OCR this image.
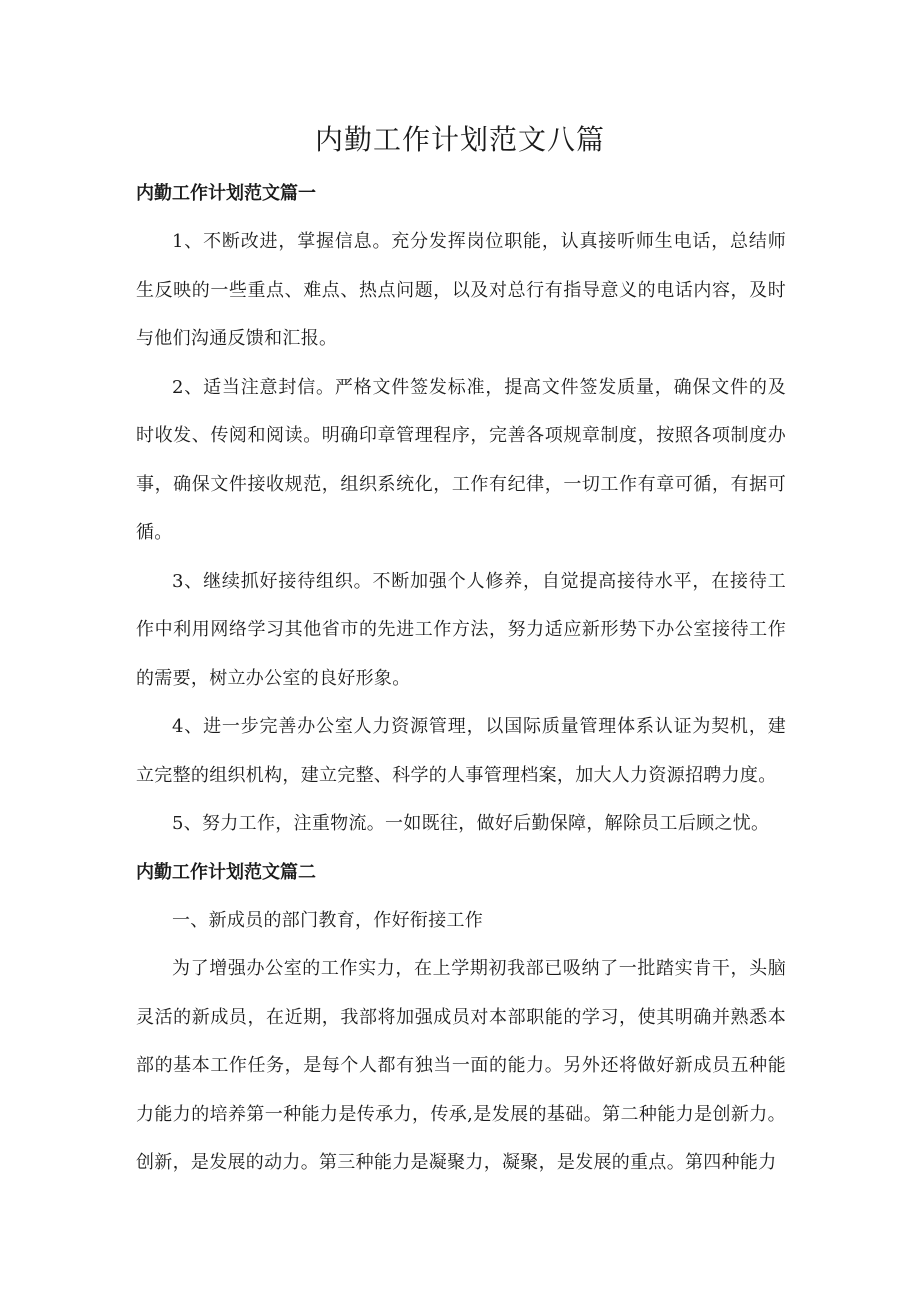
内勤工作计划范文八篇
内勤工作计划范文篇一

1、不断改进，掌握信息。充分发挥岗位职能，认真接听师生电话，总结师生反映的一些重点、难点、热点问题，以及对总行有指导意义的电话内容，及时与他们沟通反馈和汇报。

2、适当注意封信。严格文件签发标准，提高文件签发质量，确保文件的及时收发、传阅和阅读。明确印章管理程序，完善各项规章制度，按照各项制度办事，确保文件接收规范，组织系统化，工作有纪律，一切工作有章可循，有据可循。

3、继续抓好接待组织。不断加强个人修养，自觉提高接待水平，在接待工作中利用网络学习其他省市的先进工作方法，努力适应新形势下办公室接待工作的需要，树立办公室的良好形象。

4、进一步完善办公室人力资源管理，以国际质量管理体系认证为契机，建立完整的组织机构，建立完整、科学的人事管理档案，加大人力资源招聘力度。

5、努力工作，注重物流。一如既往，做好后勤保障，解除员工后顾之忧。

内勤工作计划范文篇二

一、新成员的部门教育，作好衔接工作

为了增强办公室的工作实力，在上学期初我部已吸纳了一批踏实肯干，头脑灵活的新成员，在近期，我部将加强成员对本部职能的学习，使其明确并熟悉本部的基本工作任务，是每个人都有独当一面的能力。另外还将做好新成员五种能力能力的培养第一种能力是传承力，传承,是发展的基础。第二种能力是创新力。创新，是发展的动力。第三种能力是凝聚力，凝聚，是发展的重点。第四种能力
